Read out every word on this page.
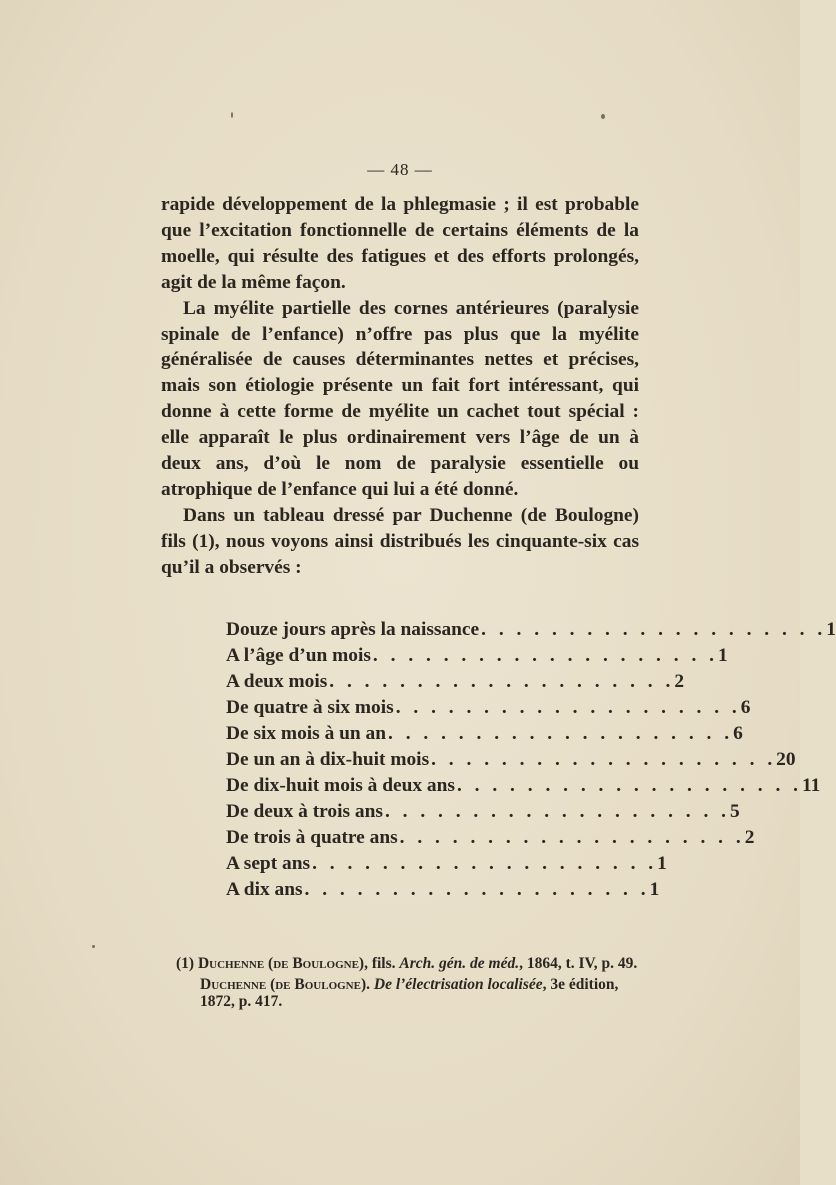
— 48 —

rapide développement de la phlegmasie ; il est probable que l’excitation fonctionnelle de certains éléments de la moelle, qui résulte des fatigues et des efforts prolongés, agit de la même façon.

La myélite partielle des cornes antérieures (paralysie spinale de l’enfance) n’offre pas plus que la myélite généralisée de causes déterminantes nettes et précises, mais son étiologie présente un fait fort intéressant, qui donne à cette forme de myélite un cachet tout spécial : elle apparaît le plus ordinairement vers l’âge de un à deux ans, d’où le nom de paralysie essentielle ou atrophique de l’enfance qui lui a été donné.

Dans un tableau dressé par Duchenne (de Boulogne) fils (1), nous voyons ainsi distribués les cinquante-six cas qu’il a observés :

Douze jours après la naissance . . . . . . . . . . . . . . . . . . . . 1
A l’âge d’un mois . . . . . . . . . . . . . . . . . . . . 1
A deux mois . . . . . . . . . . . . . . . . . . . . 2
De quatre à six mois . . . . . . . . . . . . . . . . . . . . 6
De six mois à un an . . . . . . . . . . . . . . . . . . . . 6
De un an à dix-huit mois . . . . . . . . . . . . . . . . . . . . 20
De dix-huit mois à deux ans . . . . . . . . . . . . . . . . . . . . 11
De deux à trois ans . . . . . . . . . . . . . . . . . . . . 5
De trois à quatre ans . . . . . . . . . . . . . . . . . . . . 2
A sept ans . . . . . . . . . . . . . . . . . . . . 1
A dix ans . . . . . . . . . . . . . . . . . . . . 1

(1) Duchenne (de Boulogne), fils. Arch. gén. de méd., 1864, t. IV, p. 49.

Duchenne (de Boulogne). De l’électrisation localisée, 3e édition, 1872, p. 417.
